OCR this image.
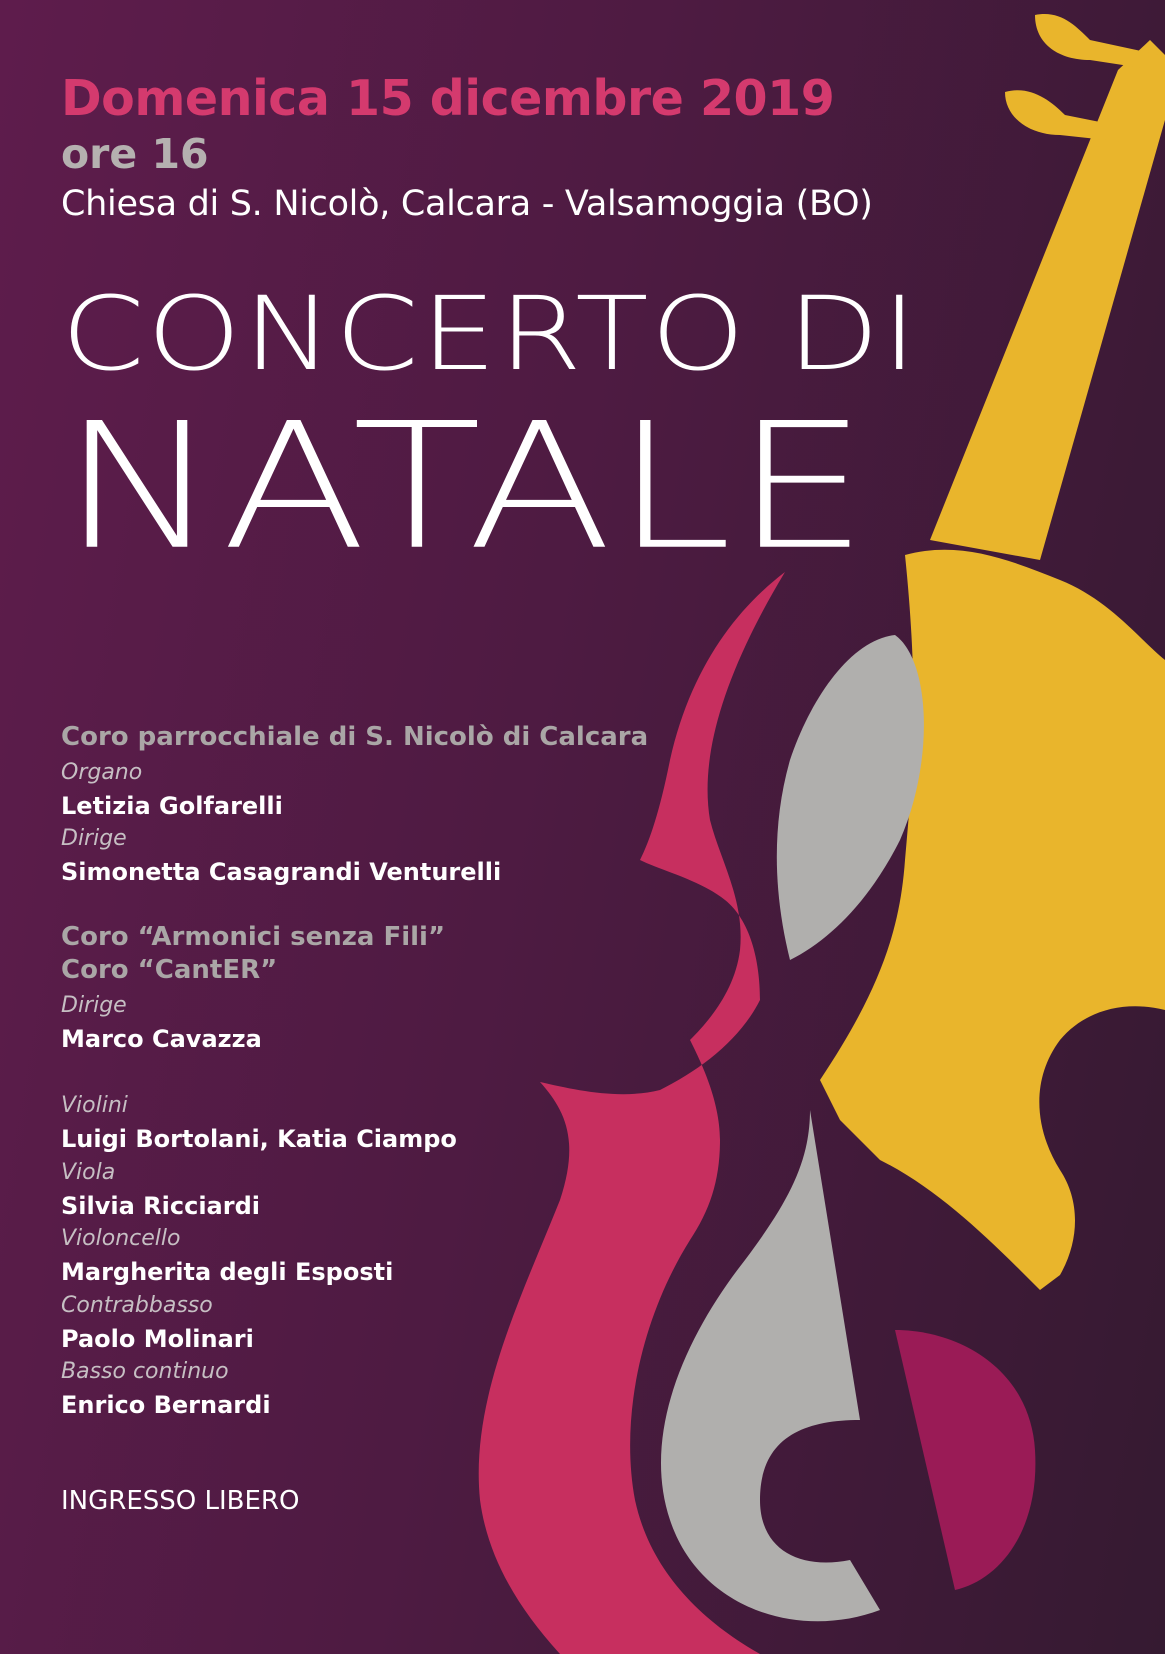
Domenica 15 dicembre 2019

ore 16

Chiesa di S. Nicolò, Calcara - Valsamoggia (BO)

CONCERTO DI
NATALE

Coro parrocchiale di S. Nicolò di Calcara

Organo

Letizia Golfarelli

Dirige

Simonetta Casagrandi Venturelli

Coro “Armonici senza Fili”

Coro “CantER”

Dirige

Marco Cavazza

Violini

Luigi Bortolani, Katia Ciampo

Viola

Silvia Ricciardi

Violoncello

Margherita degli Esposti

Contrabbasso

Paolo Molinari

Basso continuo

Enrico Bernardi

INGRESSO LIBERO
